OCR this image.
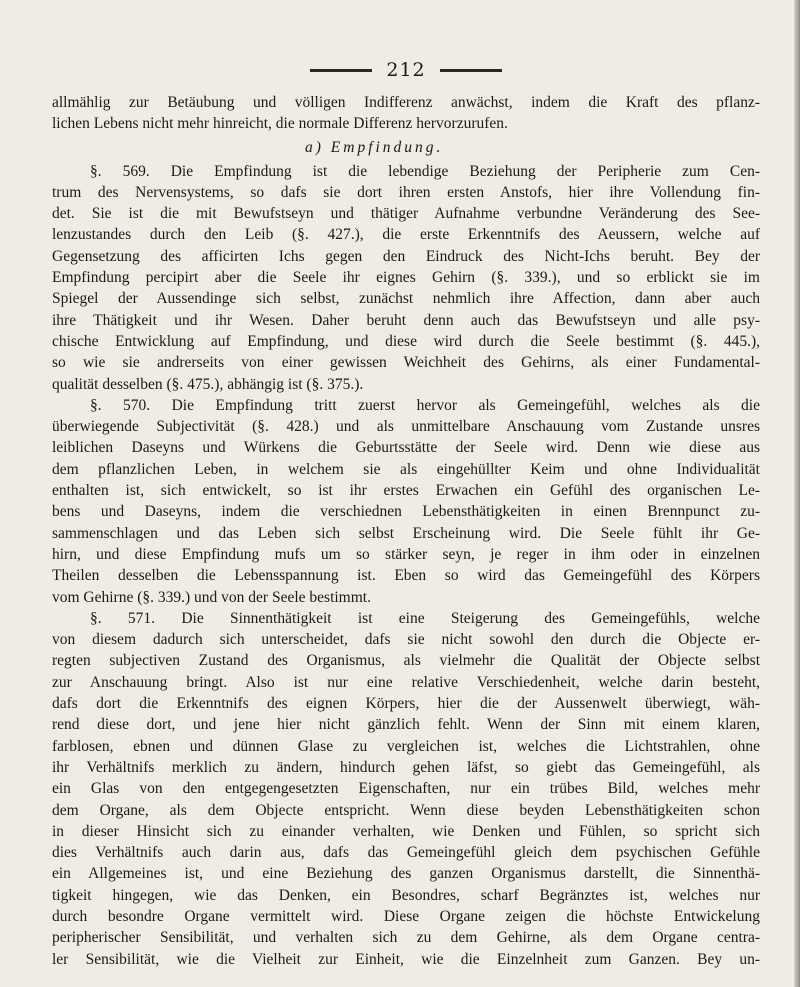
212
allmählig zur Betäubung und völligen Indifferenz anwächst, indem die Kraft des pflanz-
lichen Lebens nicht mehr hinreicht, die normale Differenz hervorzurufen.
a) Empfindung.
§. 569. Die Empfindung ist die lebendige Beziehung der Peripherie zum Cen-
trum des Nervensystems, so dafs sie dort ihren ersten Anstofs, hier ihre Vollendung fin-
det. Sie ist die mit Bewufstseyn und thätiger Aufnahme verbundne Veränderung des See-
lenzustandes durch den Leib (§. 427.), die erste Erkenntnifs des Aeussern, welche auf
Gegensetzung des afficirten Ichs gegen den Eindruck des Nicht-Ichs beruht. Bey der
Empfindung percipirt aber die Seele ihr eignes Gehirn (§. 339.), und so erblickt sie im
Spiegel der Aussendinge sich selbst, zunächst nehmlich ihre Affection, dann aber auch
ihre Thätigkeit und ihr Wesen. Daher beruht denn auch das Bewufstseyn und alle psy-
chische Entwicklung auf Empfindung, und diese wird durch die Seele bestimmt (§. 445.),
so wie sie andrerseits von einer gewissen Weichheit des Gehirns, als einer Fundamental-
qualität desselben (§. 475.), abhängig ist (§. 375.).
§. 570. Die Empfindung tritt zuerst hervor als Gemeingefühl, welches als die
überwiegende Subjectivität (§. 428.) und als unmittelbare Anschauung vom Zustande unsres
leiblichen Daseyns und Würkens die Geburtsstätte der Seele wird. Denn wie diese aus
dem pflanzlichen Leben, in welchem sie als eingehüllter Keim und ohne Individualität
enthalten ist, sich entwickelt, so ist ihr erstes Erwachen ein Gefühl des organischen Le-
bens und Daseyns, indem die verschiednen Lebensthätigkeiten in einen Brennpunct zu-
sammenschlagen und das Leben sich selbst Erscheinung wird. Die Seele fühlt ihr Ge-
hirn, und diese Empfindung mufs um so stärker seyn, je reger in ihm oder in einzelnen
Theilen desselben die Lebensspannung ist. Eben so wird das Gemeingefühl des Körpers
vom Gehirne (§. 339.) und von der Seele bestimmt.
§. 571. Die Sinnenthätigkeit ist eine Steigerung des Gemeingefühls, welche
von diesem dadurch sich unterscheidet, dafs sie nicht sowohl den durch die Objecte er-
regten subjectiven Zustand des Organismus, als vielmehr die Qualität der Objecte selbst
zur Anschauung bringt. Also ist nur eine relative Verschiedenheit, welche darin besteht,
dafs dort die Erkenntnifs des eignen Körpers, hier die der Aussenwelt überwiegt, wäh-
rend diese dort, und jene hier nicht gänzlich fehlt. Wenn der Sinn mit einem klaren,
farblosen, ebnen und dünnen Glase zu vergleichen ist, welches die Lichtstrahlen, ohne
ihr Verhältnifs merklich zu ändern, hindurch gehen läfst, so giebt das Gemeingefühl, als
ein Glas von den entgegengesetzten Eigenschaften, nur ein trübes Bild, welches mehr
dem Organe, als dem Objecte entspricht. Wenn diese beyden Lebensthätigkeiten schon
in dieser Hinsicht sich zu einander verhalten, wie Denken und Fühlen, so spricht sich
dies Verhältnifs auch darin aus, dafs das Gemeingefühl gleich dem psychischen Gefühle
ein Allgemeines ist, und eine Beziehung des ganzen Organismus darstellt, die Sinnenthä-
tigkeit hingegen, wie das Denken, ein Besondres, scharf Begränztes ist, welches nur
durch besondre Organe vermittelt wird. Diese Organe zeigen die höchste Entwickelung
peripherischer Sensibilität, und verhalten sich zu dem Gehirne, als dem Organe centra-
ler Sensibilität, wie die Vielheit zur Einheit, wie die Einzelnheit zum Ganzen. Bey un-
